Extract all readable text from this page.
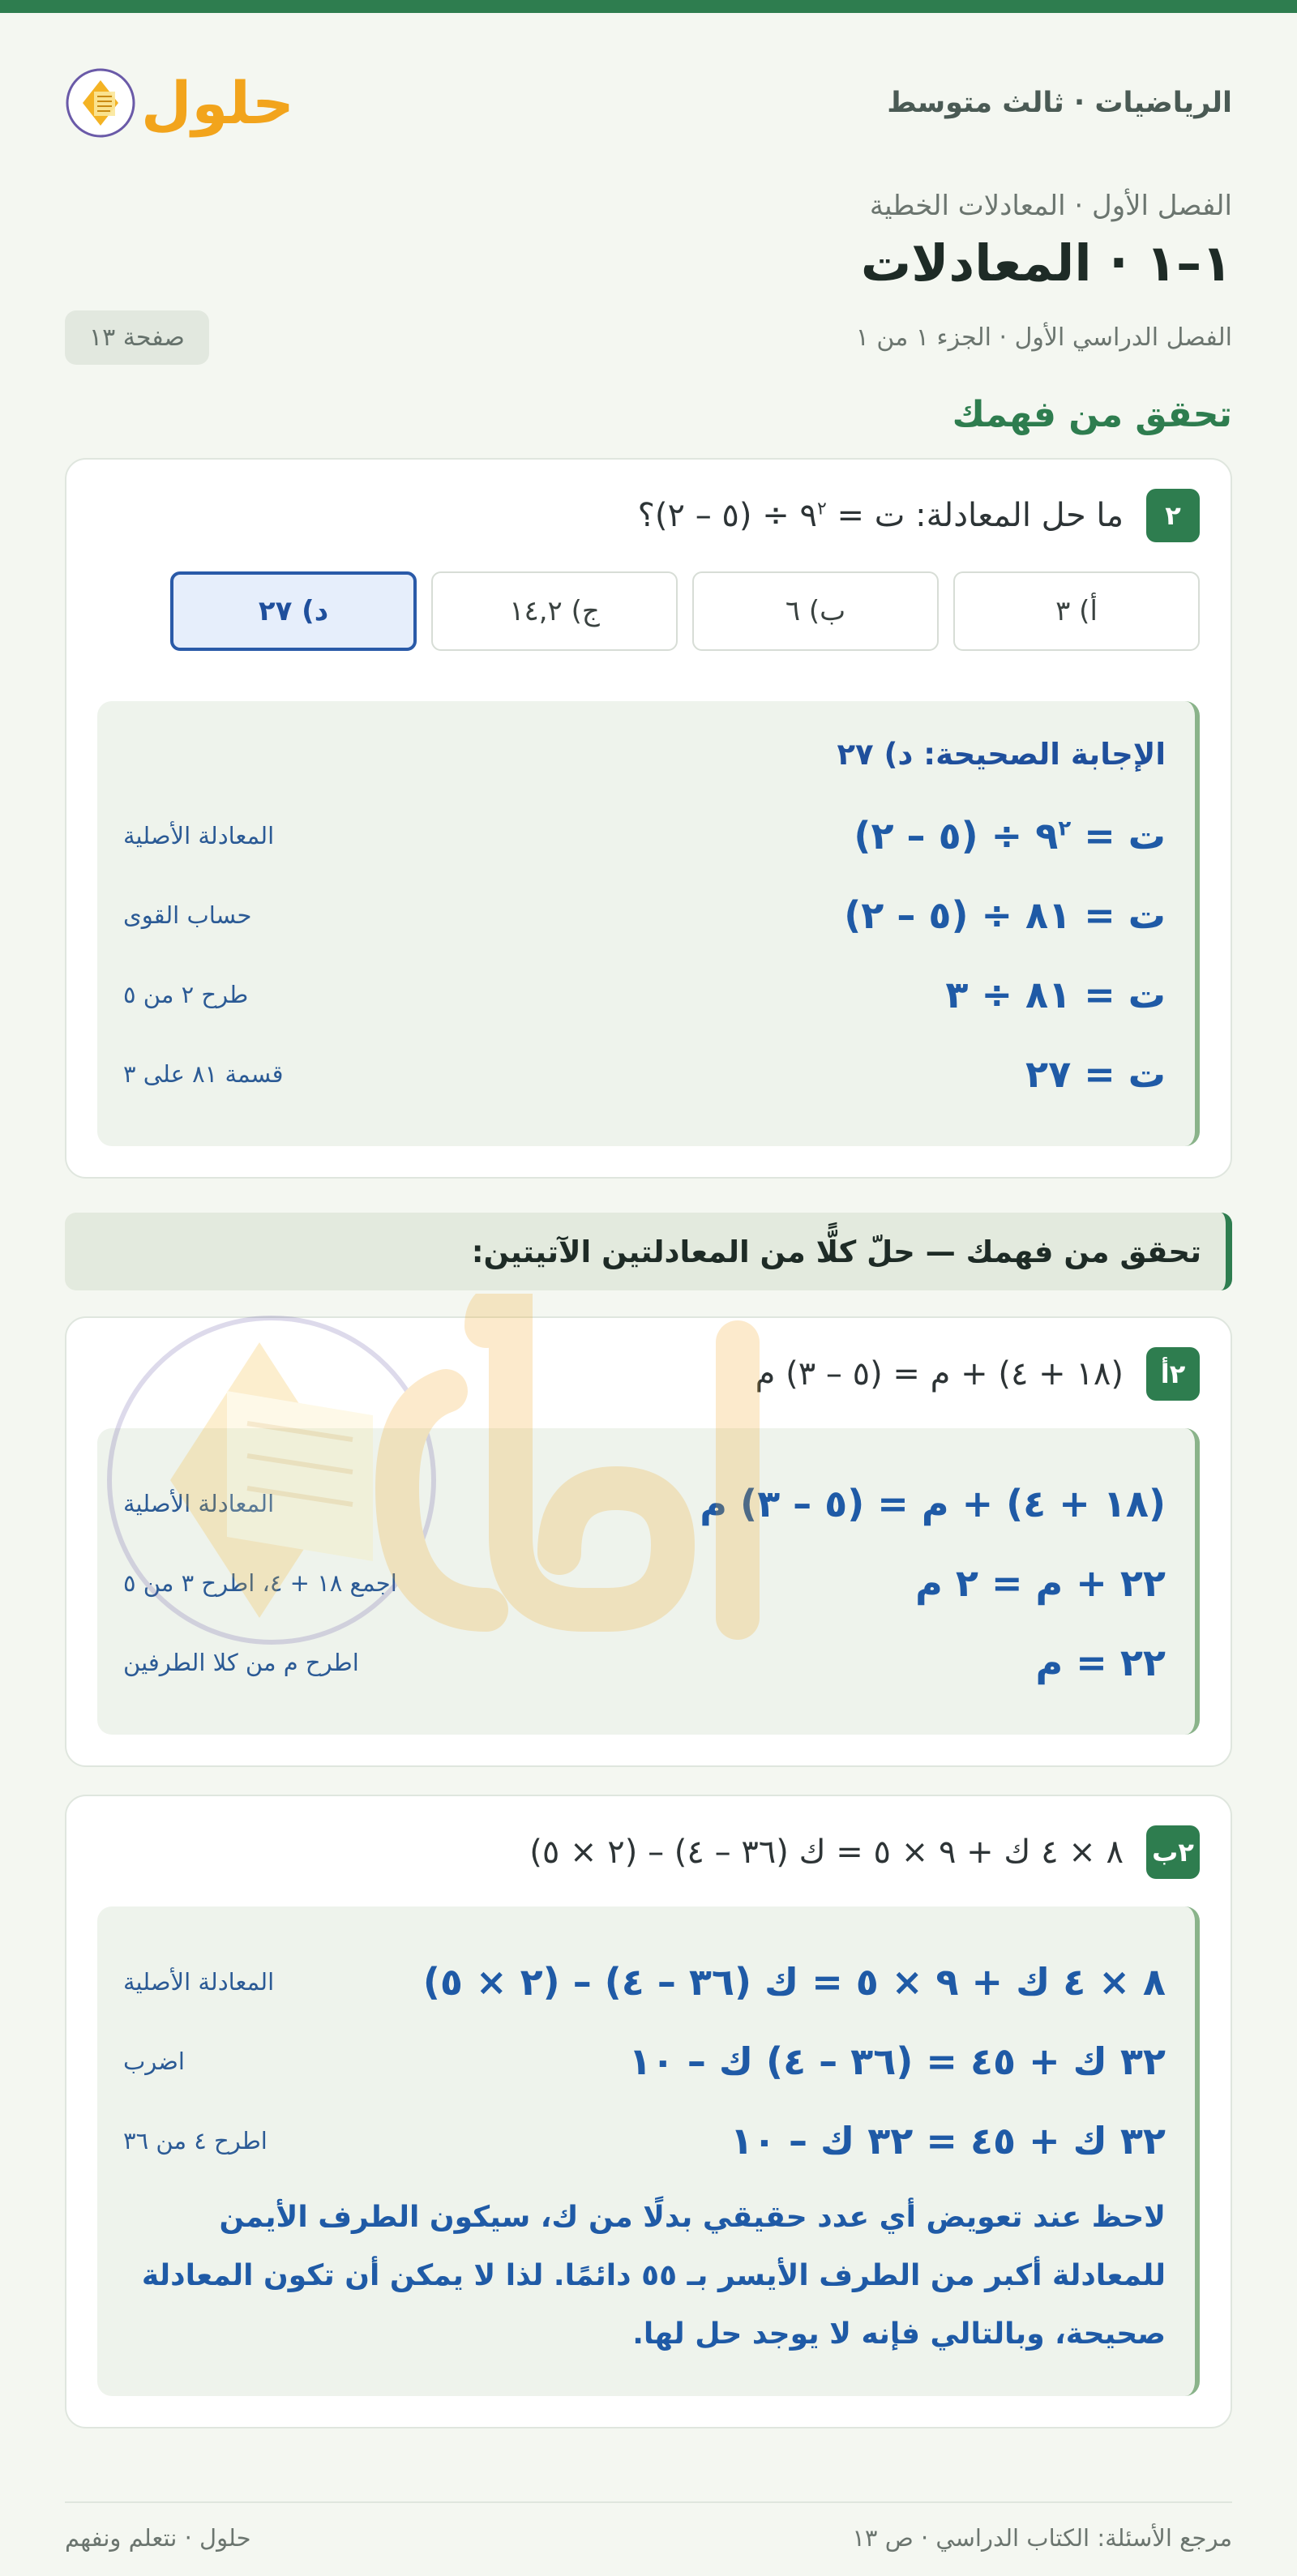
الرياضيات · ثالث متوسط
حلول
الفصل الأول · المعادلات الخطية
١–١ · المعادلات
الفصل الدراسي الأول · الجزء ١ من ١
صفحة ١٣
تحقق من فهمك
٢
ما حل المعادلة: ت = $٩^٢$ ÷ (٥ – ٢)؟
أ) ٣
ب) ٦
ج) ١٤,٢
د) ٢٧
الإجابة الصحيحة: د) ٢٧
ت = $٩^٢$ ÷ (٥ – ٢)
المعادلة الأصلية
ت = ٨١ ÷ (٥ – ٢)
حساب القوى
ت = ٨١ ÷ ٣
طرح ٢ من ٥
ت = ٢٧
قسمة ٨١ على ٣
تحقق من فهمك — حلّ كلًّا من المعادلتين الآتيتين:
٢أ
(١٨ + ٤) + م = (٥ – ٣) م
(١٨ + ٤) + م = (٥ – ٣) م
المعادلة الأصلية
٢٢ + م = ٢ م
اجمع ١٨ + ٤، اطرح ٣ من ٥
٢٢ = م
اطرح م من كلا الطرفين
٢ب
٨ × ٤ ك + ٩ × ٥ = ك (٣٦ – ٤) – (٢ × ٥)
٨ × ٤ ك + ٩ × ٥ = ك (٣٦ – ٤) – (٢ × ٥)
المعادلة الأصلية
٣٢ ك + ٤٥ = (٣٦ – ٤) ك – ١٠
اضرب
٣٢ ك + ٤٥ = ٣٢ ك – ١٠
اطرح ٤ من ٣٦
لاحظ عند تعويض أي عدد حقيقي بدلًا من ك، سيكون الطرف الأيمن للمعادلة أكبر من الطرف الأيسر بـ ٥٥ دائمًا. لذا لا يمكن أن تكون المعادلة صحيحة، وبالتالي فإنه لا يوجد حل لها.
مرجع الأسئلة: الكتاب الدراسي · ص ١٣
حلول · نتعلم ونفهم
